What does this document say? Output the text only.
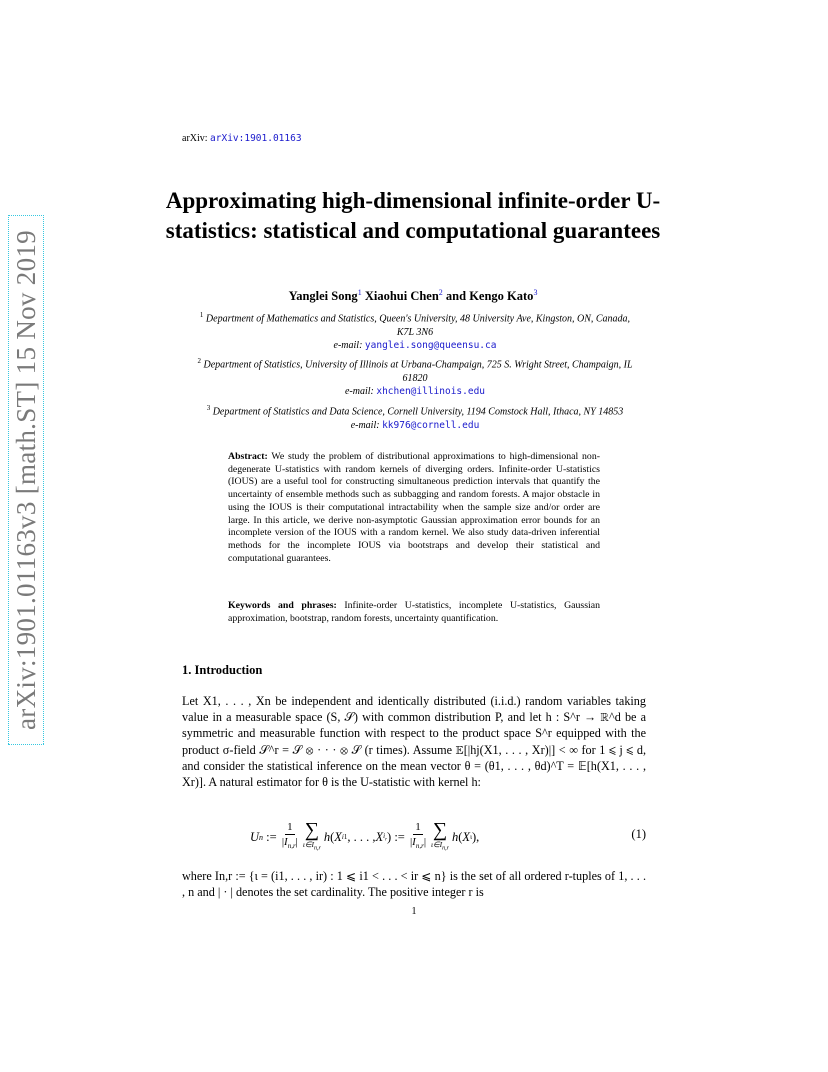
arXiv:1901.01163v3 [math.ST] 15 Nov 2019
arXiv: arXiv:1901.01163
Approximating high-dimensional infinite-order U-statistics: statistical and computational guarantees
Yanglei Song$^1$ Xiaohui Chen$^2$ and Kengo Kato$^3$
$^1$ Department of Mathematics and Statistics, Queen's University, 48 University Ave, Kingston, ON, Canada, K7L 3N6
e-mail: yanglei.song@queensu.ca
$^2$ Department of Statistics, University of Illinois at Urbana-Champaign, 725 S. Wright Street, Champaign, IL 61820
e-mail: xhchen@illinois.edu
$^3$ Department of Statistics and Data Science, Cornell University, 1194 Comstock Hall, Ithaca, NY 14853
e-mail: kk976@cornell.edu
Abstract: We study the problem of distributional approximations to high-dimensional non-degenerate U-statistics with random kernels of diverging orders. Infinite-order U-statistics (IOUS) are a useful tool for constructing simultaneous prediction intervals that quantify the uncertainty of ensemble methods such as subbagging and random forests. A major obstacle in using the IOUS is their computational intractability when the sample size and/or order are large. In this article, we derive non-asymptotic Gaussian approximation error bounds for an incomplete version of the IOUS with a random kernel. We also study data-driven inferential methods for the incomplete IOUS via bootstraps and develop their statistical and computational guarantees.
Keywords and phrases: Infinite-order U-statistics, incomplete U-statistics, Gaussian approximation, bootstrap, random forests, uncertainty quantification.
1. Introduction
Let X1, . . . , Xn be independent and identically distributed (i.i.d.) random variables taking value in a measurable space (S, 𝒮) with common distribution P, and let h : S^r → ℝ^d be a symmetric and measurable function with respect to the product space S^r equipped with the product σ-field 𝒮^r = 𝒮 ⊗ · · · ⊗ 𝒮 (r times). Assume 𝔼[|hj(X1, . . . , Xr)|] < ∞ for 1 ⩽ j ⩽ d, and consider the statistical inference on the mean vector θ = (θ1, . . . , θd)^T = 𝔼[h(X1, . . . , Xr)]. A natural estimator for θ is the U-statistic with kernel h:
U n := $\frac{1}{|I_{n,r}|}$ ∑
$\iota\in I_{n,r}$
h ( X i1 , . . . , X $i_r$ ) := $\frac{1}{|I_{n,r}|}$ ∑
$\iota\in I_{n,r}$
h ( X ι ),	(1)
where In,r := {ι = (i1, . . . , ir) : 1 ⩽ i1 < . . . < ir ⩽ n} is the set of all ordered r-tuples of 1, . . . , n and | · | denotes the set cardinality. The positive integer r is
1
